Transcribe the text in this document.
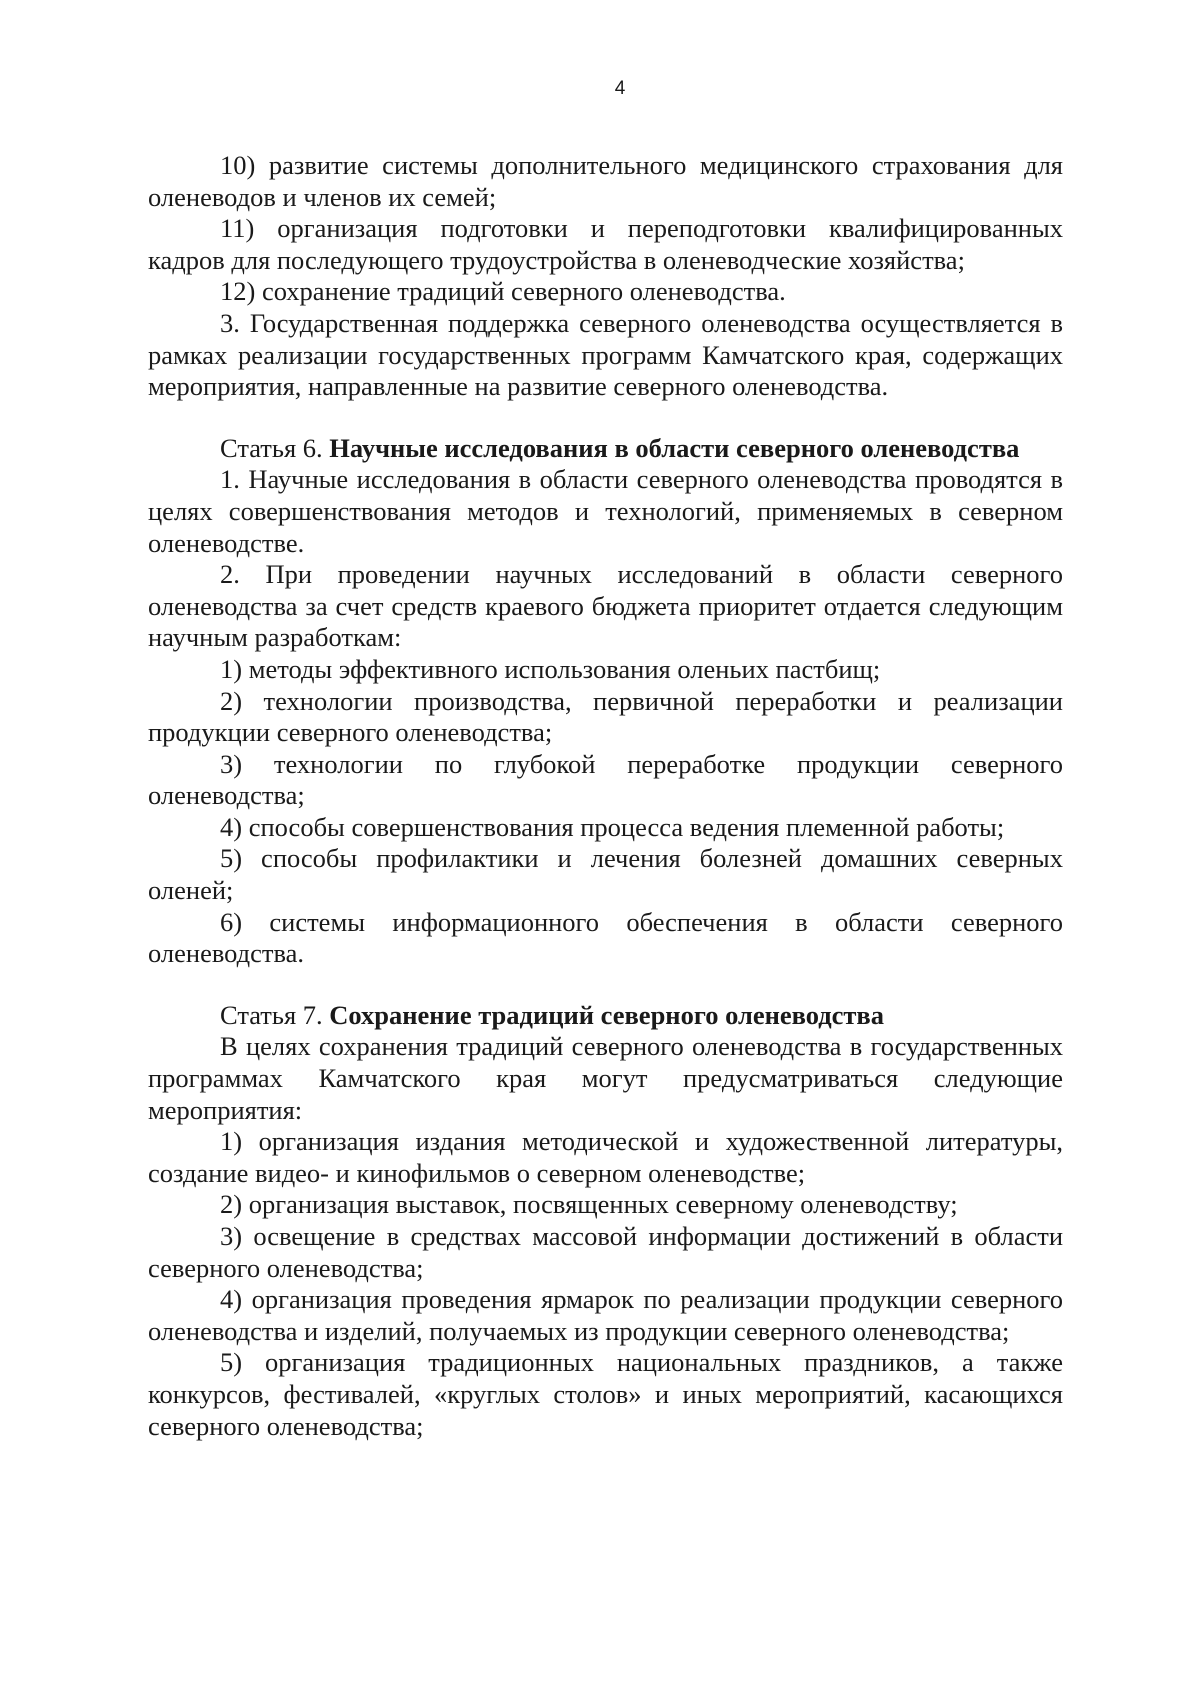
4

10) развитие системы дополнительного медицинского страхования для оленеводов и членов их семей;

11) организация подготовки и переподготовки квалифицированных кадров для последующего трудоустройства в оленеводческие хозяйства;

12) сохранение традиций северного оленеводства.

3. Государственная поддержка северного оленеводства осуществляется в рамках реализации государственных программ Камчатского края, содержащих мероприятия, направленные на развитие северного оленеводства.

Статья 6. Научные исследования в области северного оленеводства

1. Научные исследования в области северного оленеводства проводятся в целях совершенствования методов и технологий, применяемых в северном оленеводстве.

2. При проведении научных исследований в области северного оленеводства за счет средств краевого бюджета приоритет отдается следующим научным разработкам:

1) методы эффективного использования оленьих пастбищ;

2) технологии производства, первичной переработки и реализации продукции северного оленеводства;

3) технологии по глубокой переработке продукции северного оленеводства;

4) способы совершенствования процесса ведения племенной работы;

5) способы профилактики и лечения болезней домашних северных оленей;

6) системы информационного обеспечения в области северного оленеводства.

Статья 7. Сохранение традиций северного оленеводства

В целях сохранения традиций северного оленеводства в государственных программах Камчатского края могут предусматриваться следующие мероприятия:

1) организация издания методической и художественной литературы, создание видео- и кинофильмов о северном оленеводстве;

2) организация выставок, посвященных северному оленеводству;

3) освещение в средствах массовой информации достижений в области северного оленеводства;

4) организация проведения ярмарок по реализации продукции северного оленеводства и изделий, получаемых из продукции северного оленеводства;

5) организация традиционных национальных праздников, а также конкурсов, фестивалей, «круглых столов» и иных мероприятий, касающихся северного оленеводства;
